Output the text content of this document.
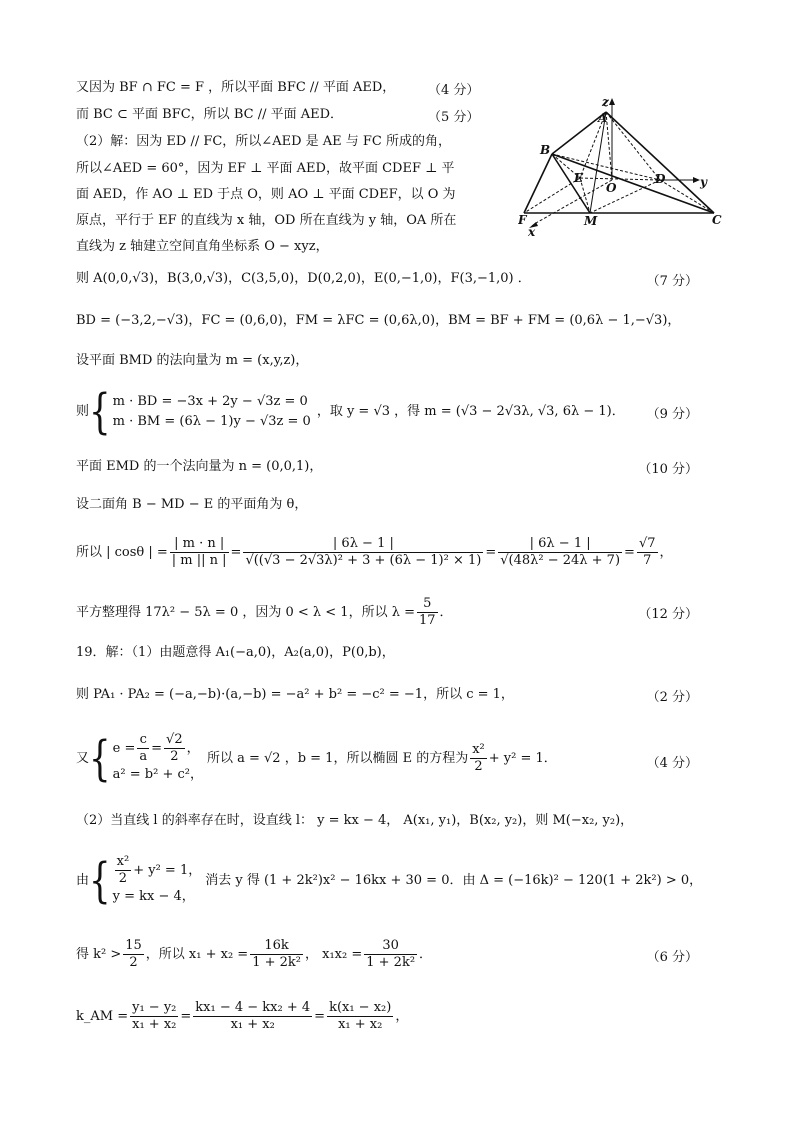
又因为 BF ∩ FC = F ，所以平面 BFC // 平面 AED，	（4 分）
而 BC ⊂ 平面 BFC，所以 BC // 平面 AED．	（5 分）
（2）解：因为 ED // FC，所以∠AED 是 AE 与 FC 所成的角，
所以∠AED = 60°，因为 EF ⊥ 平面 AED，故平面 CDEF ⊥ 平
面 AED，作 AO ⊥ ED 于点 O，则 AO ⊥ 平面 CDEF，以 O 为
原点，平行于 EF 的直线为 x 轴，OD 所在直线为 y 轴，OA 所在
直线为 z 轴建立空间直角坐标系 O − xyz，
A
B
C
D
E
F	M
O
x
y
z
则 A(0,0,√3)，B(3,0,√3)，C(3,5,0)，D(0,2,0)，E(0,−1,0)，F(3,−1,0) ．	（7 分）
BD = (−3,2,−√3)，FC = (0,6,0)，FM = λFC = (0,6λ,0)，BM = BF + FM = (0,6λ − 1,−√3)，
设平面 BMD 的法向量为 m = (x,y,z)，
则 { m · BD = −3x + 2y − √3z = 0
m · BM = (6λ − 1)y − √3z = 0
，取 y = √3 ，得 m = (√3 − 2√3λ, √3, 6λ − 1)． （9 分）
平面 EMD 的一个法向量为 n = (0,0,1)，	（10 分）
设二面角 B − MD − E 的平面角为 θ，
所以 | cosθ | = $\frac{| m \cdot n |}{| m || n |} = \frac{| 6\lambda - 1 |}{\text{√((√3 − 2√3λ)² + 3 + (6λ − 1)² × 1)}} = \frac{| 6\lambda - 1 |}{\text{√(48λ² − 24λ + 7)}} = \frac{√7}{7}$ ，
平方整理得 17λ² − 5λ = 0 ，因为 0 < λ < 1，所以 $\lambda = \frac{5}{17}$ ．	（12 分）
19．解：（1）由题意得 A₁(−a,0)，A₂(a,0)，P(0,b)，
则 PA₁ · PA₂ = (−a,−b)·(a,−b) = −a² + b² = −c² = −1，所以 c = 1，	（2 分）
又 { $e = \frac{c}{a} = \frac{√2}{2}$ ，
a² = b² + c²，
所以 a = √2 ，b = 1，所以椭圆 E 的方程为 $\frac{\text{x²}}{2} + y^2 = 1$．	（4 分）
（2）当直线 l 的斜率存在时，设直线 l： y = kx − 4， A(x₁, y₁)，B(x₂, y₂)，则 M(−x₂, y₂)，
由 { $\frac{\text{x²}}{2} + y^2 = 1$，
y = kx − 4，
消去 y 得 (1 + 2k²)x² − 16kx + 30 = 0．由 Δ = (−16k)² − 120(1 + 2k²) > 0，
得 $k^2 > \frac{15}{2}$ ，所以 $x_1 + x_2 = \frac{16k}{\text{1 + 2k²}}$ ， $x_1x_2 = \frac{30}{\text{1 + 2k²}}$ ．	（6 分）
k_AM = $\frac{\text{y₁ − y₂}}{\text{x₁ + x₂}} = \frac{\text{kx₁ − 4 − kx₂ + 4}}{\text{x₁ + x₂}} = \frac{\text{k(x₁ − x₂)}}{\text{x₁ + x₂}}$ ，
